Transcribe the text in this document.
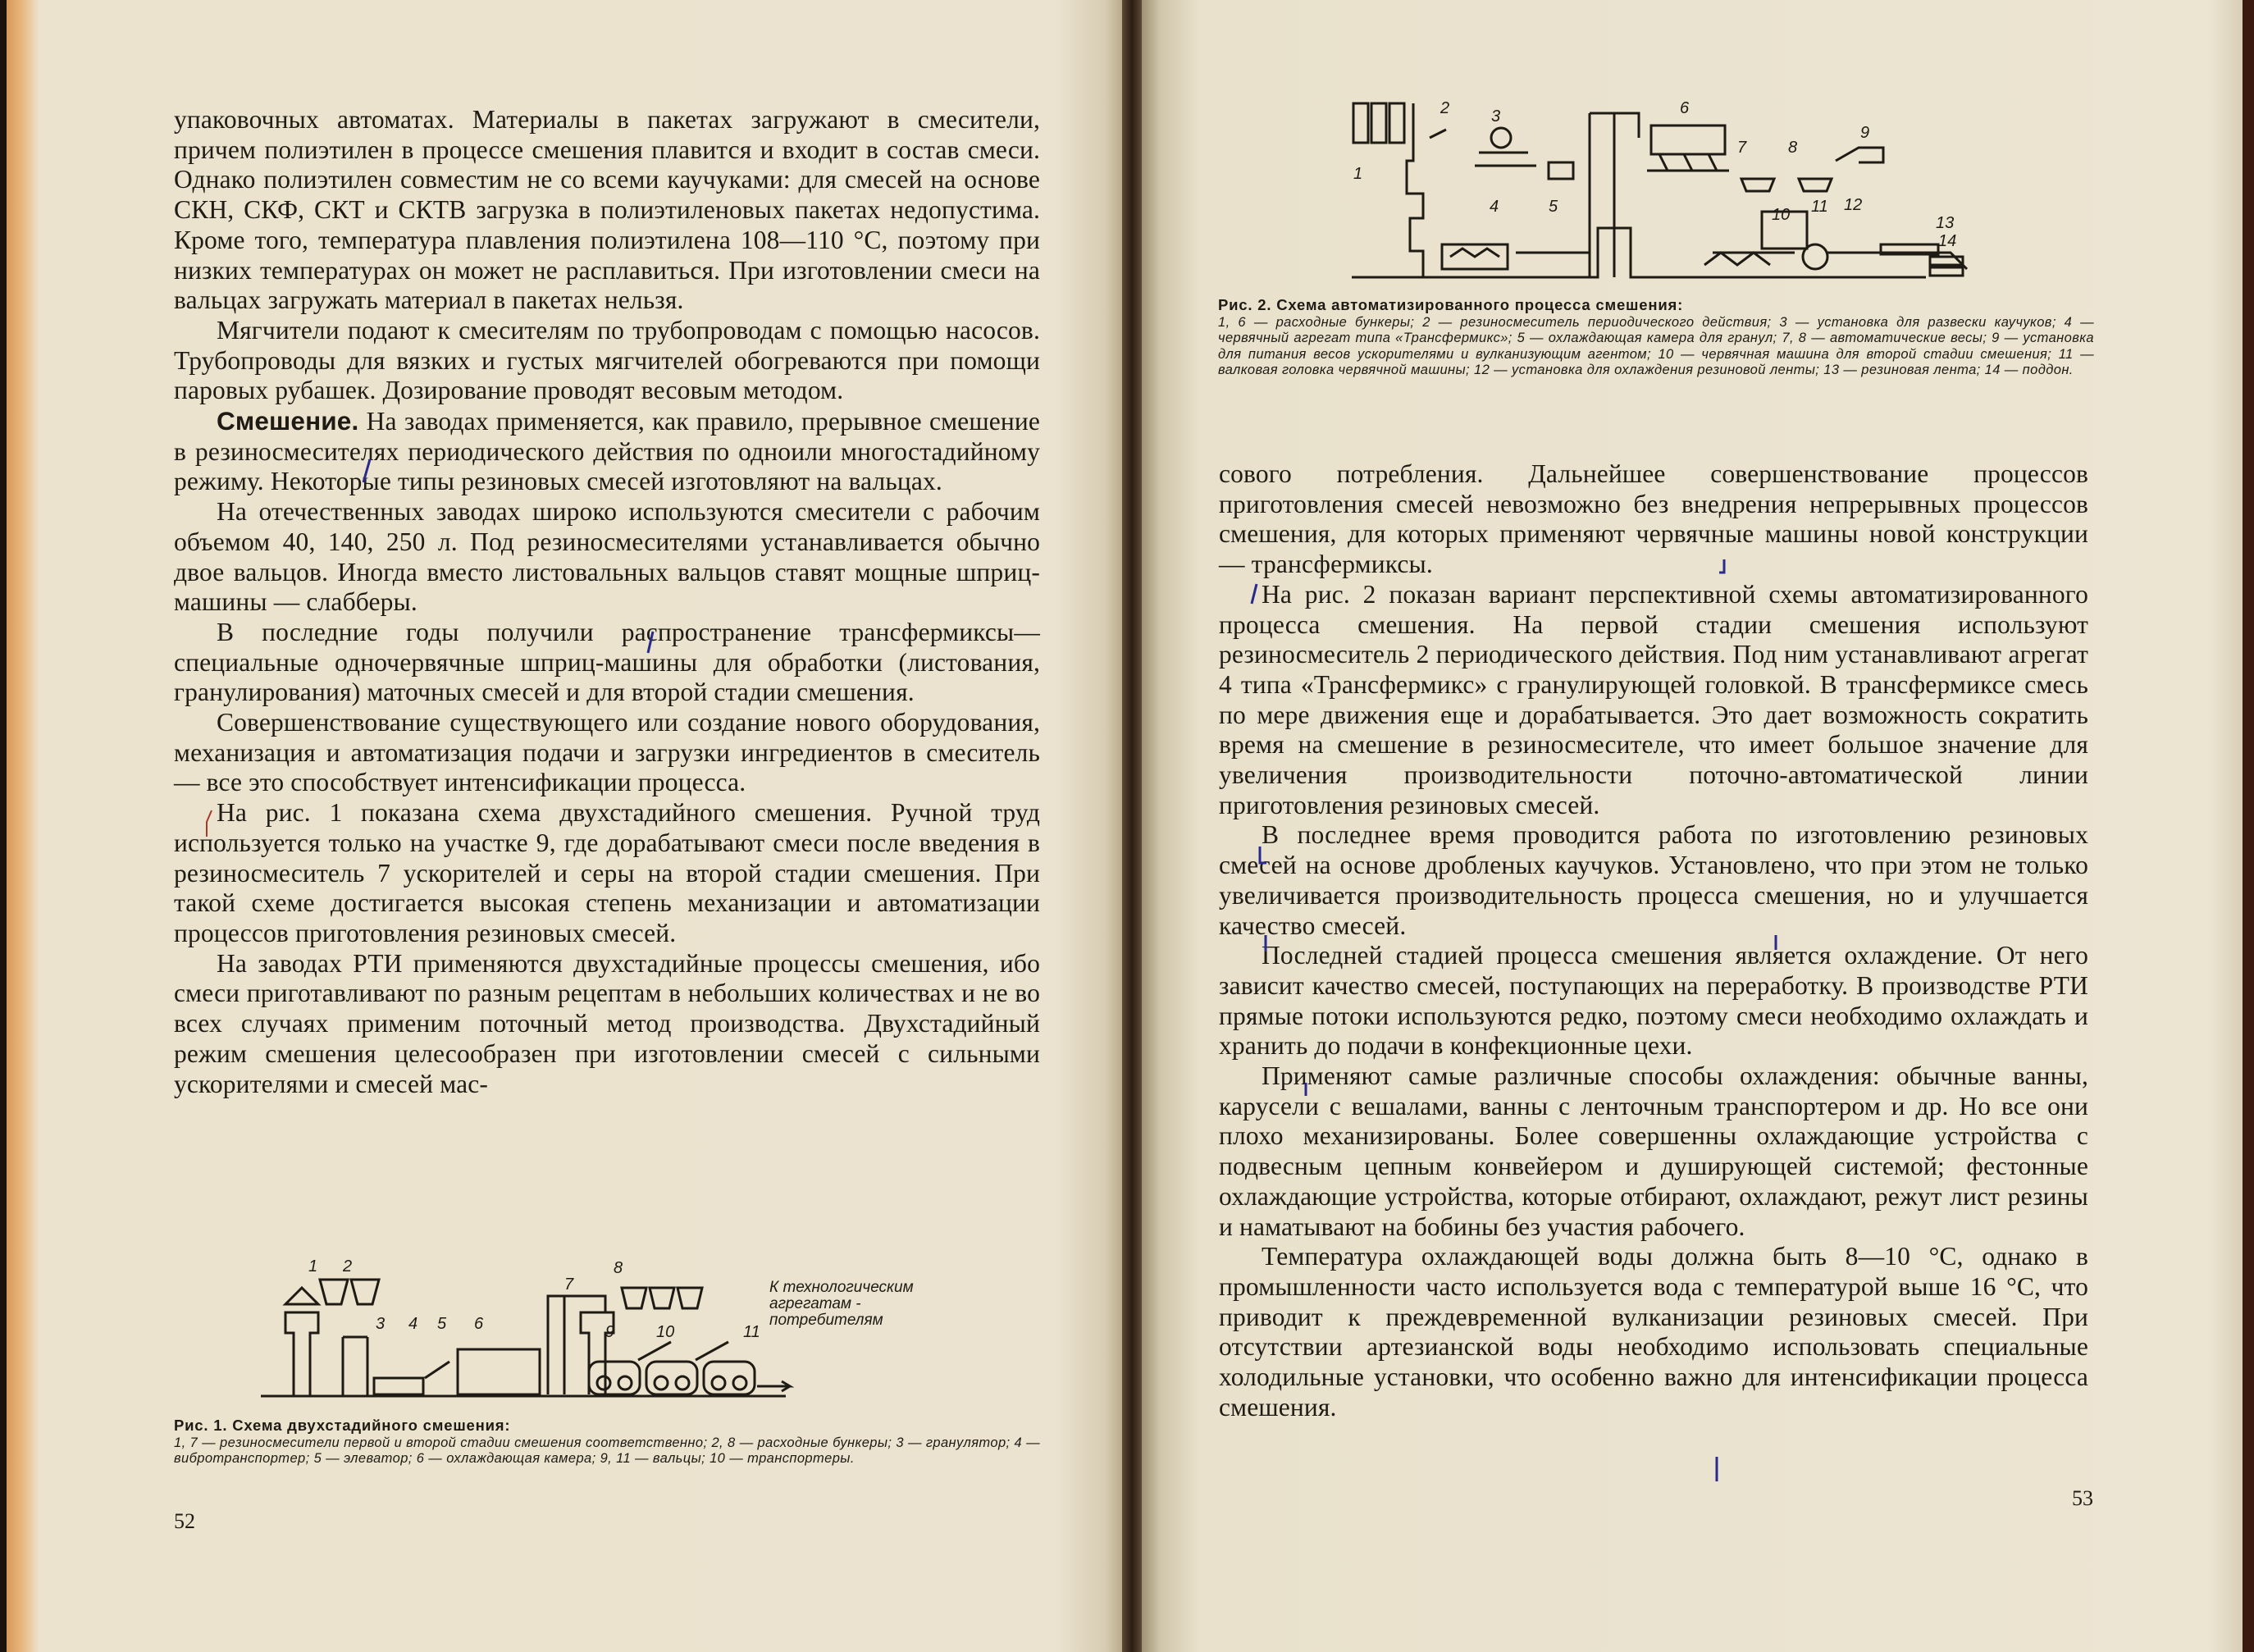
упаковочных автоматах. Материалы в пакетах загружают в смесители, причем полиэтилен в процессе смешения плавится и входит в состав смеси. Однако полиэтилен совместим не со всеми каучуками: для смесей на основе СКН, СКФ, СКТ и СКТВ загрузка в полиэтиленовых пакетах недопустима. Кроме того, температура плавления полиэтилена 108—110 °С, поэтому при низких температурах он может не расплавиться. При изготовлении смеси на вальцах загружать материал в пакетах нельзя.

Мягчители подают к смесителям по трубопроводам с помощью насосов. Трубопроводы для вязких и густых мягчителей обогреваются при помощи паровых рубашек. Дозирование проводят весовым методом.

Смешение. На заводах применяется, как правило, прерывное смешение в резиносмесителях периодического действия по одноили многостадийному режиму. Некоторые типы резиновых смесей изготовляют на вальцах.

На отечественных заводах широко используются смесители с рабочим объемом 40, 140, 250 л. Под резиносмесителями устанавливается обычно двое вальцов. Иногда вместо листовальных вальцов ставят мощные шприц-машины — слабберы.

В последние годы получили распространение трансфермиксы— специальные одночервячные шприц-машины для обработки (листования, гранулирования) маточных смесей и для второй стадии смешения.

Совершенствование существующего или создание нового оборудования, механизация и автоматизация подачи и загрузки ингредиентов в смеситель — все это способствует интенсификации процесса.

На рис. 1 показана схема двухстадийного смешения. Ручной труд используется только на участке 9, где дорабатывают смеси после введения в резиносмеситель 7 ускорителей и серы на второй стадии смешения. При такой схеме достигается высокая степень механизации и автоматизации процессов приготовления резиновых смесей.

На заводах РТИ применяются двухстадийные процессы смешения, ибо смеси приготавливают по разным рецептам в небольших количествах и не во всех случаях применим поточный метод производства. Двухстадийный режим смешения целесообразен при изготовлении смесей с сильными ускорителями и смесей мас-

1 2
3 4 5 6
7
8
9	10	11
К технологическим агрегатам - потребителям
Рис. 1. Схема двухстадийного смешения:
1, 7 — резиносмесители первой и второй стадии смешения соответственно; 2, 8 — расходные бункеры; 3 — гранулятор; 4 — вибротранспортер; 5 — элеватор; 6 — охлаждающая камера; 9, 11 — вальцы; 10 — транспортеры.
52
1
2	3
4	5
6
7	8
9
10 11 12
13
14
Рис. 2. Схема автоматизированного процесса смешения:
1, 6 — расходные бункеры; 2 — резиносмеситель периодического действия; 3 — установка для развески каучуков; 4 — червячный агрегат типа «Трансфермикс»; 5 — охлаждающая камера для гранул; 7, 8 — автоматические весы; 9 — установка для питания весов ускорителями и вулканизующим агентом; 10 — червячная машина для второй стадии смешения; 11 — валковая головка червячной машины; 12 — установка для охлаждения резиновой ленты; 13 — резиновая лента; 14 — поддон.

сового потребления. Дальнейшее совершенствование процессов приготовления смесей невозможно без внедрения непрерывных процессов смешения, для которых применяют червячные машины новой конструкции — трансфермиксы.

На рис. 2 показан вариант перспективной схемы автоматизированного процесса смешения. На первой стадии смешения используют резиносмеситель 2 периодического действия. Под ним устанавливают агрегат 4 типа «Трансфермикс» с гранулирующей головкой. В трансфермиксе смесь по мере движения еще и дорабатывается. Это дает возможность сократить время на смешение в резиносмесителе, что имеет большое значение для увеличения производительности поточно-автоматической линии приготовления резиновых смесей.

В последнее время проводится работа по изготовлению резиновых смесей на основе дробленых каучуков. Установлено, что при этом не только увеличивается производительность процесса смешения, но и улучшается качество смесей.

Последней стадией процесса смешения является охлаждение. От него зависит качество смесей, поступающих на переработку. В производстве РТИ прямые потоки используются редко, поэтому смеси необходимо охлаждать и хранить до подачи в конфекционные цехи.

Применяют самые различные способы охлаждения: обычные ванны, карусели с вешалами, ванны с ленточным транспортером и др. Но все они плохо механизированы. Более совершенны охлаждающие устройства с подвесным цепным конвейером и душирующей системой; фестонные охлаждающие устройства, которые отбирают, охлаждают, режут лист резины и наматывают на бобины без участия рабочего.

Температура охлаждающей воды должна быть 8—10 °С, однако в промышленности часто используется вода с температурой выше 16 °С, что приводит к преждевременной вулканизации резиновых смесей. При отсутствии артезианской воды необходимо использовать специальные холодильные установки, что особенно важно для интенсификации процесса смешения.

53
